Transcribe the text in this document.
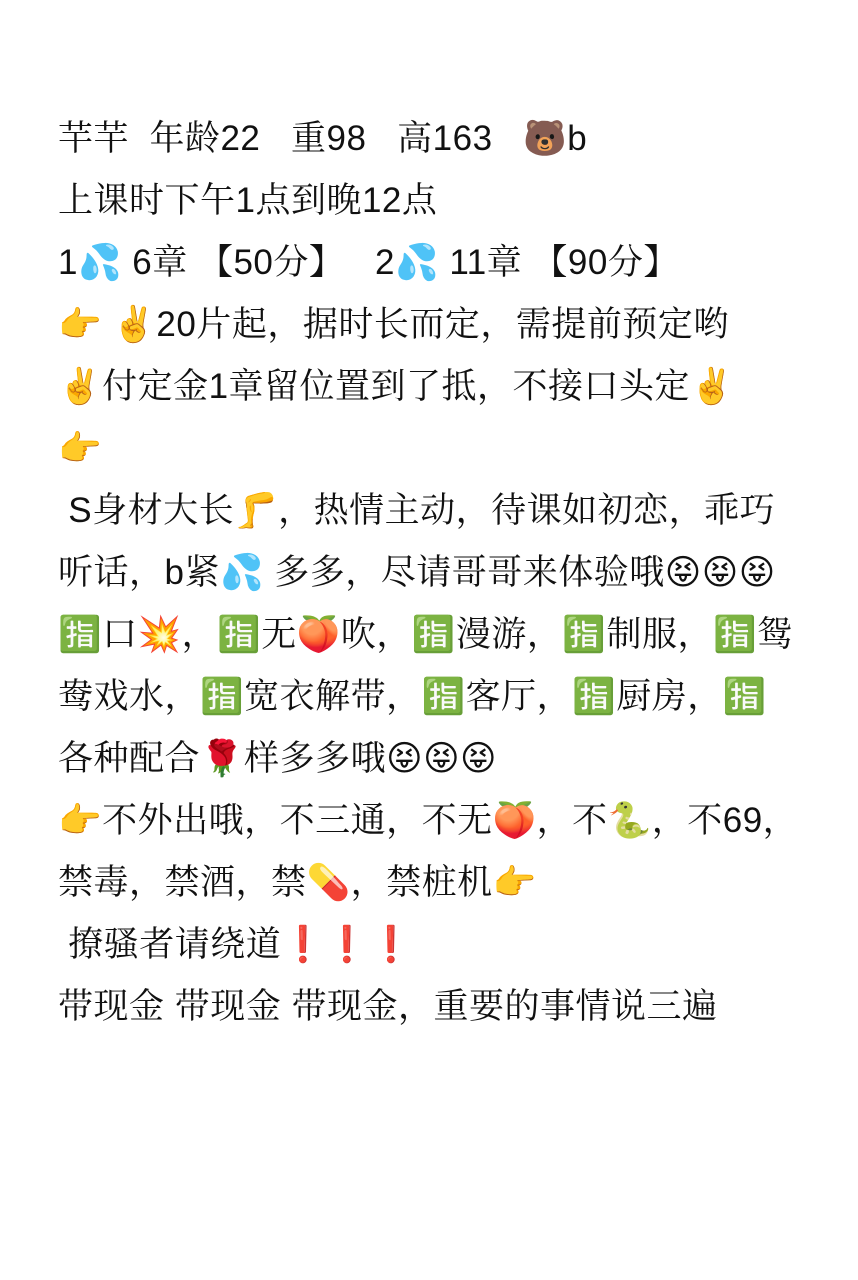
芉芉  年龄22   重98   高163   🐻b
上课时下午1点到晚12点
1💦 6章 【50分】   2💦 11章 【90分】
👉 ✌️20片起，据时长而定，需提前预定哟
✌️付定金1章留位置到了抵，不接口头定✌️
👉
S身材大长🦵，热情主动，待课如初恋，乖巧听话，b紧💦 多多，尽请哥哥来体验哦😝😝😝
🈯️口💥，🈯️无🍑吹，🈯️漫游，🈯️制服，🈯️鸳鸯戏水，🈯️宽衣解带，🈯️客厅，🈯️厨房，🈯️各种配合🌹样多多哦😝😝😝
👉不外出哦，不三通，不无🍑，不🐍，不69，禁毒，禁酒，禁💊，禁桩机👉
撩骚者请绕道❗️❗️❗️
带现金 带现金 带现金，重要的事情说三遍
